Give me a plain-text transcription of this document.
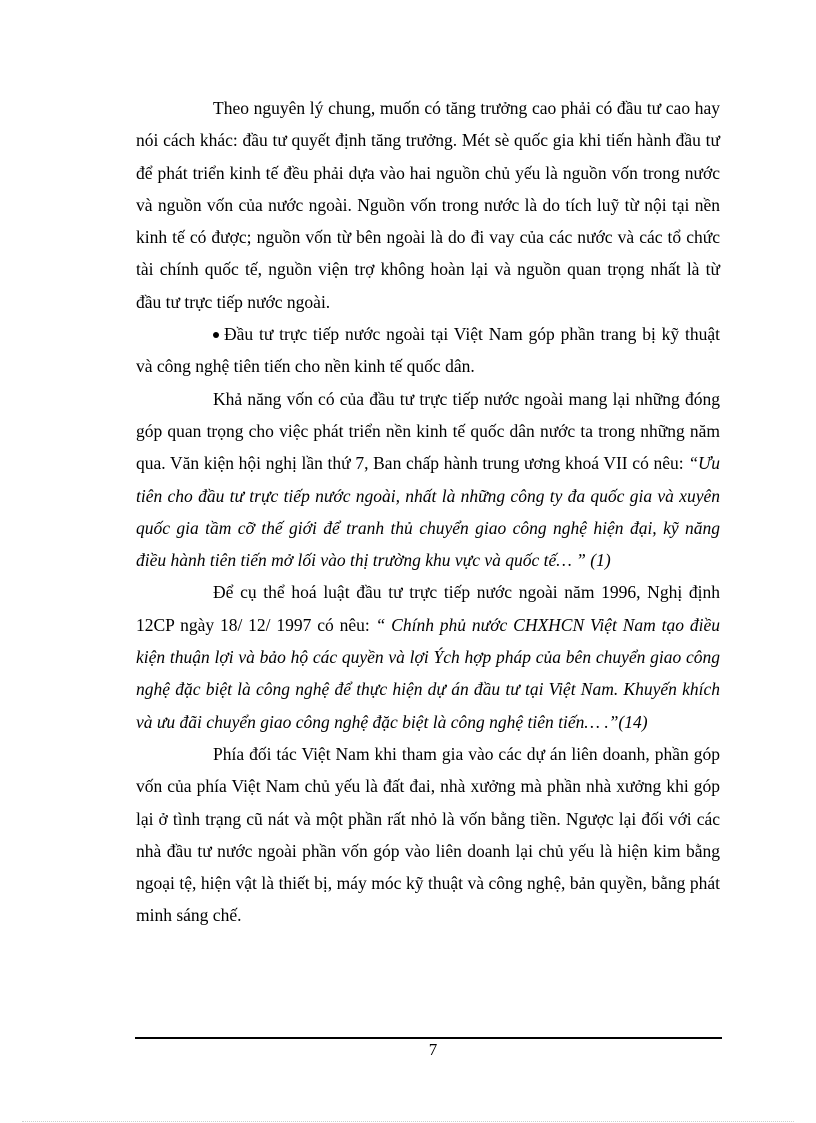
Theo nguyên lý chung, muốn có tăng trưởng cao phải có đầu tư cao hay nói cách khác: đầu tư quyết định tăng trưởng. Mét sè quốc gia khi tiến hành đầu tư để phát triển kinh tế đều phải dựa vào hai nguồn chủ yếu là nguồn vốn trong nước và nguồn vốn của nước ngoài. Nguồn vốn trong nước là do tích luỹ từ nội tại nền kinh tế có được; nguồn vốn từ bên ngoài là do đi vay của các nước và các tổ chức tài chính quốc tế, nguồn viện trợ không hoàn lại và nguồn quan trọng nhất là từ đầu tư trực tiếp nước ngoài.

Đầu tư trực tiếp nước ngoài tại Việt Nam góp phần trang bị kỹ thuật và công nghệ tiên tiến cho nền kinh tế quốc dân.

Khả năng vốn có của đầu tư trực tiếp nước ngoài mang lại những đóng góp quan trọng cho việc phát triển nền kinh tế quốc dân nước ta trong những năm qua. Văn kiện hội nghị lần thứ 7, Ban chấp hành trung ương khoá VII có nêu: “Ưu tiên cho đầu tư trực tiếp nước ngoài, nhất là những công ty đa quốc gia và xuyên quốc gia tầm cỡ thế giới để tranh thủ chuyển giao công nghệ hiện đại, kỹ năng điều hành tiên tiến mở lối vào thị trường khu vực và quốc tế… ” (1)

Để cụ thể hoá luật đầu tư trực tiếp nước ngoài năm 1996, Nghị định 12CP ngày 18/ 12/ 1997 có nêu: “ Chính phủ nước CHXHCN Việt Nam tạo điều kiện thuận lợi và bảo hộ các quyền và lợi Ých hợp pháp của bên chuyển giao công nghệ đặc biệt là công nghệ để thực hiện dự án đầu tư tại Việt Nam. Khuyến khích và ưu đãi chuyển giao công nghệ đặc biệt là công nghệ tiên tiến… .”(14)

Phía đối tác Việt Nam khi tham gia vào các dự án liên doanh, phần góp vốn của phía Việt Nam chủ yếu là đất đai, nhà xưởng mà phần nhà xưởng khi góp lại ở tình trạng cũ nát và một phần rất nhỏ là vốn bằng tiền. Ngược lại đối với các nhà đầu tư nước ngoài phần vốn góp vào liên doanh lại chủ yếu là hiện kim bằng ngoại tệ, hiện vật là thiết bị, máy móc kỹ thuật và công nghệ, bản quyền, bằng phát minh sáng chế.

7
